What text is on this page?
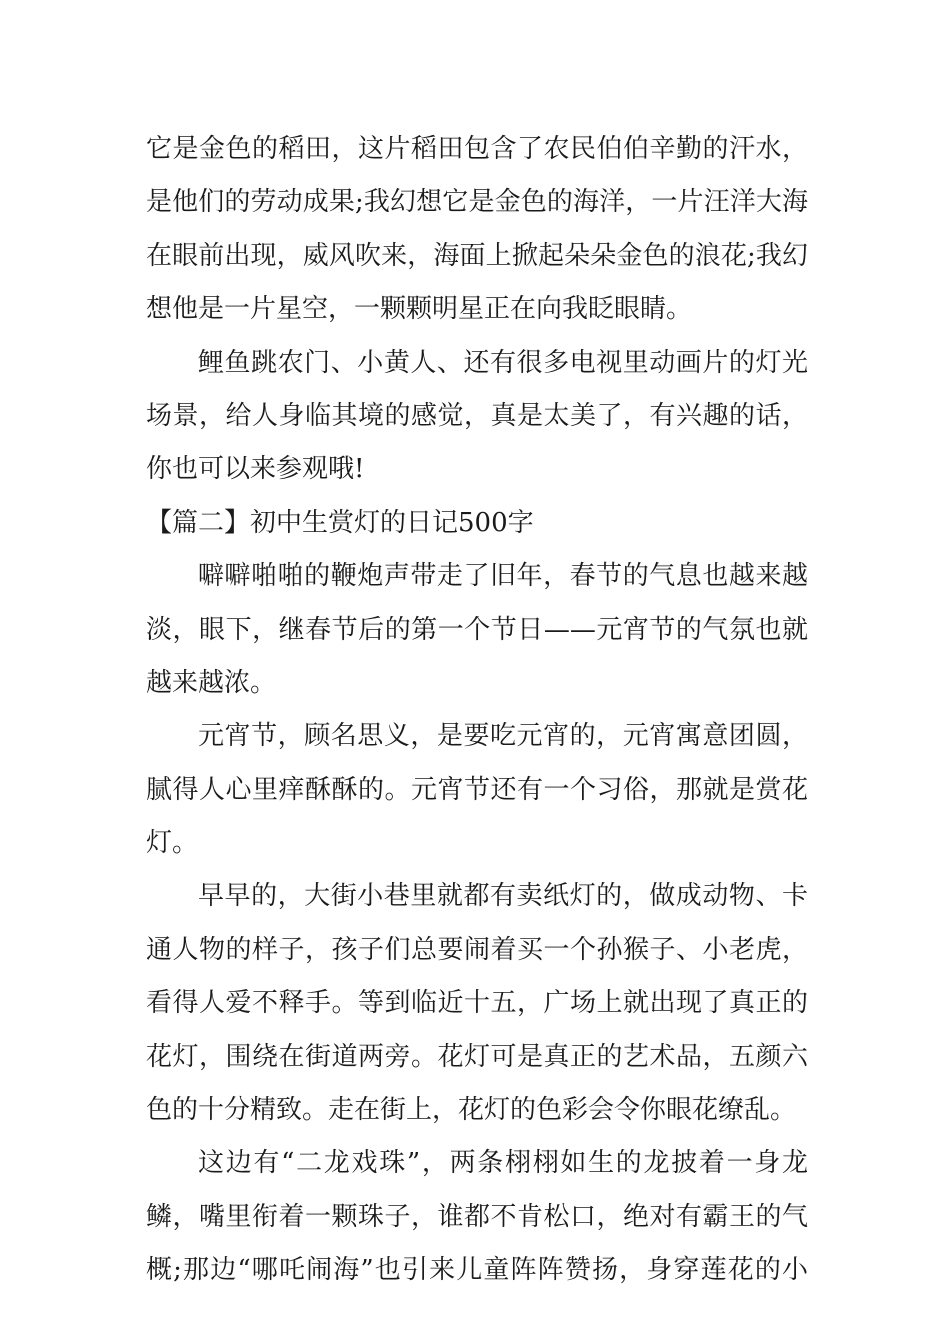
它是金色的稻田，这片稻田包含了农民伯伯辛勤的汗水，
是他们的劳动成果;我幻想它是金色的海洋，一片汪洋大海
在眼前出现，威风吹来，海面上掀起朵朵金色的浪花;我幻
想他是一片星空，一颗颗明星正在向我眨眼睛。
鲤鱼跳农门、小黄人、还有很多电视里动画片的灯光
场景，给人身临其境的感觉，真是太美了，有兴趣的话，
你也可以来参观哦!
【篇二】初中生赏灯的日记500字
噼噼啪啪的鞭炮声带走了旧年，春节的气息也越来越
淡，眼下，继春节后的第一个节日——元宵节的气氛也就
越来越浓。
元宵节，顾名思义，是要吃元宵的，元宵寓意团圆，
腻得人心里痒酥酥的。元宵节还有一个习俗，那就是赏花
灯。
早早的，大街小巷里就都有卖纸灯的，做成动物、卡
通人物的样子，孩子们总要闹着买一个孙猴子、小老虎，
看得人爱不释手。等到临近十五，广场上就出现了真正的
花灯，围绕在街道两旁。花灯可是真正的艺术品，五颜六
色的十分精致。走在街上，花灯的色彩会令你眼花缭乱。
这边有“二龙戏珠”，两条栩栩如生的龙披着一身龙
鳞，嘴里衔着一颗珠子，谁都不肯松口，绝对有霸王的气
概;那边“哪吒闹海”也引来儿童阵阵赞扬，身穿莲花的小
